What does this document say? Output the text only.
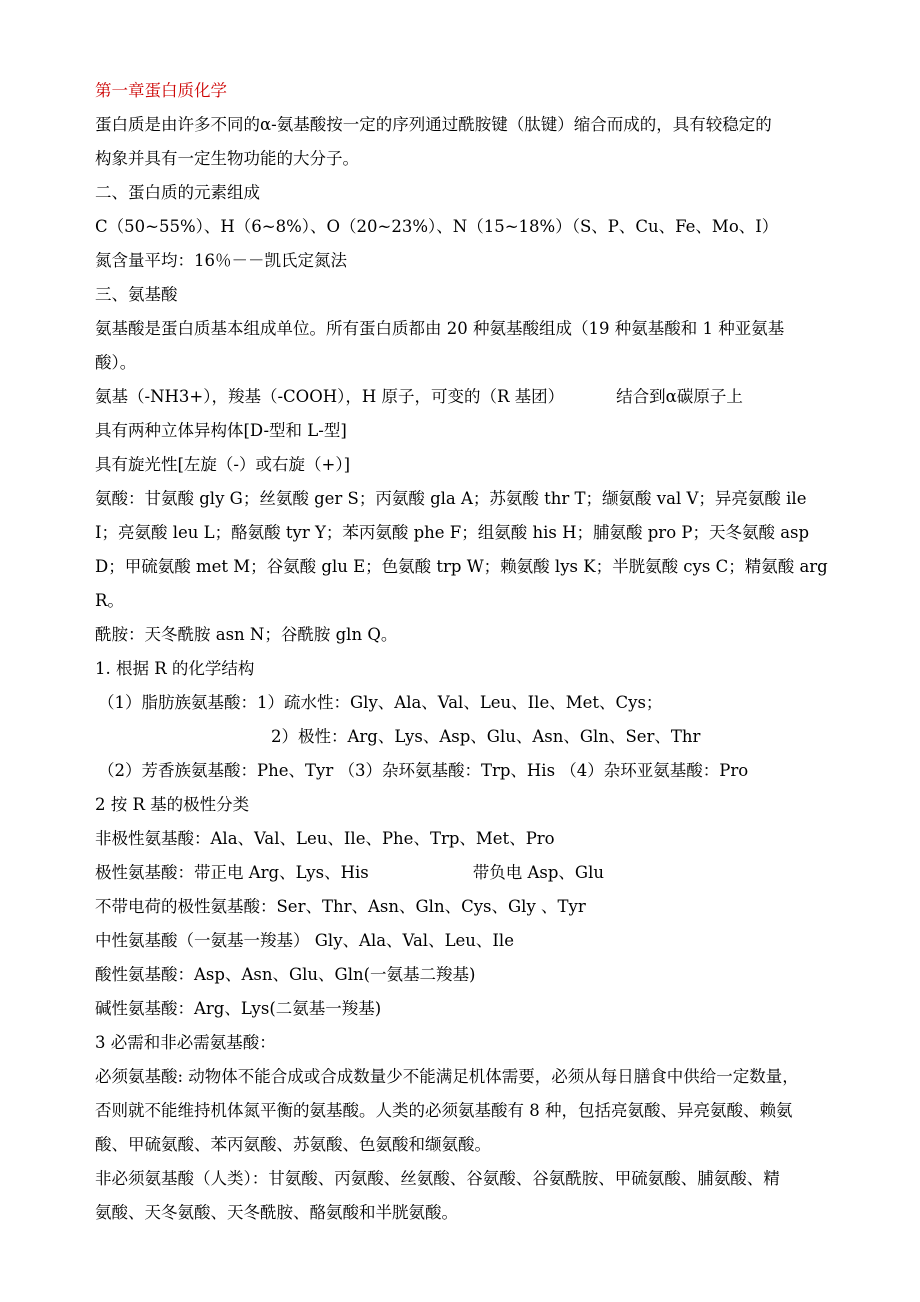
第一章蛋白质化学
蛋白质是由许多不同的α-氨基酸按一定的序列通过酰胺键（肽键）缩合而成的，具有较稳定的
构象并具有一定生物功能的大分子。
二、蛋白质的元素组成
C（50~55%）、H（6~8%）、O（20~23%）、N（15~18%）（S、P、Cu、Fe、Mo、I）
氮含量平均：16％－－凯氏定氮法
三、氨基酸
氨基酸是蛋白质基本组成单位。所有蛋白质都由 20 种氨基酸组成（19 种氨基酸和 1 种亚氨基
酸）。
氨基（-NH3+），羧基（-COOH），H 原子，可变的（R 基团）	结合到α碳原子上
具有两种立体异构体[D-型和 L-型]
具有旋光性[左旋（-）或右旋（+）]
氨酸：甘氨酸 gly G；丝氨酸 ger S；丙氨酸 gla A；苏氨酸 thr T；缬氨酸 val V；异亮氨酸 ile
I；亮氨酸 leu L；酪氨酸 tyr Y；苯丙氨酸 phe F；组氨酸 his H；脯氨酸 pro P；天冬氨酸 asp
D；甲硫氨酸 met M；谷氨酸 glu E；色氨酸 trp W；赖氨酸 lys K；半胱氨酸 cys C；精氨酸 arg
R。
酰胺：天冬酰胺 asn N；谷酰胺 gln Q。
1. 根据 R 的化学结构
（1）脂肪族氨基酸：1）疏水性：Gly、Ala、Val、Leu、Ile、Met、Cys；
2）极性：Arg、Lys、Asp、Glu、Asn、Gln、Ser、Thr
（2）芳香族氨基酸：Phe、Tyr （3）杂环氨基酸：Trp、His （4）杂环亚氨基酸：Pro
2 按 R 基的极性分类
非极性氨基酸：Ala、Val、Leu、Ile、Phe、Trp、Met、Pro
极性氨基酸：带正电 Arg、Lys、His	带负电 Asp、Glu
不带电荷的极性氨基酸：Ser、Thr、Asn、Gln、Cys、Gly 、Tyr
中性氨基酸（一氨基一羧基） Gly、Ala、Val、Leu、Ile
酸性氨基酸：Asp、Asn、Glu、Gln(一氨基二羧基)
碱性氨基酸：Arg、Lys(二氨基一羧基)
3 必需和非必需氨基酸：
必须氨基酸: 动物体不能合成或合成数量少不能满足机体需要，必须从每日膳食中供给一定数量，
否则就不能维持机体氮平衡的氨基酸。人类的必须氨基酸有 8 种，包括亮氨酸、异亮氨酸、赖氨
酸、甲硫氨酸、苯丙氨酸、苏氨酸、色氨酸和缬氨酸。
非必须氨基酸（人类）：甘氨酸、丙氨酸、丝氨酸、谷氨酸、谷氨酰胺、甲硫氨酸、脯氨酸、精
氨酸、天冬氨酸、天冬酰胺、酪氨酸和半胱氨酸。
